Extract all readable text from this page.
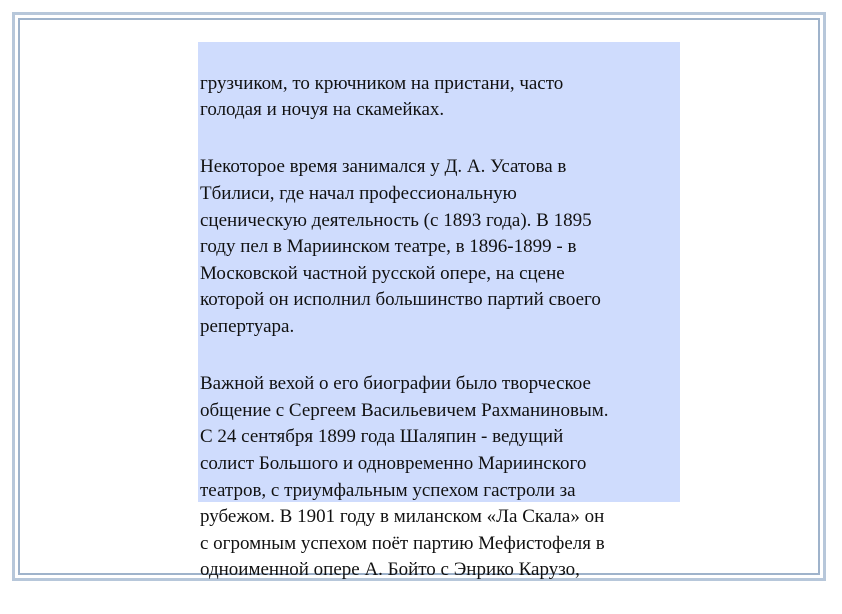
грузчиком, то крючником на пристани, часто
голодая и ночуя на скамейках.

Некоторое время занимался у Д. А. Усатова в
Тбилиси, где начал профессиональную
сценическую деятельность (с 1893 года). В 1895
году пел в Мариинском театре, в 1896-1899 - в
Московской частной русской опере, на сцене
которой он исполнил большинство партий своего
репертуара.

Важной вехой о его биографии было творческое
общение с Сергеем Васильевичем Рахманиновым.
С 24 сентября 1899 года Шаляпин - ведущий
солист Большого и одновременно Мариинского
театров, с триумфальным успехом гастроли за
рубежом. В 1901 году в миланском «Ла Скала» он
с огромным успехом поёт партию Мефистофеля в
одноименной опере А. Бойто с Энрико Карузо,
